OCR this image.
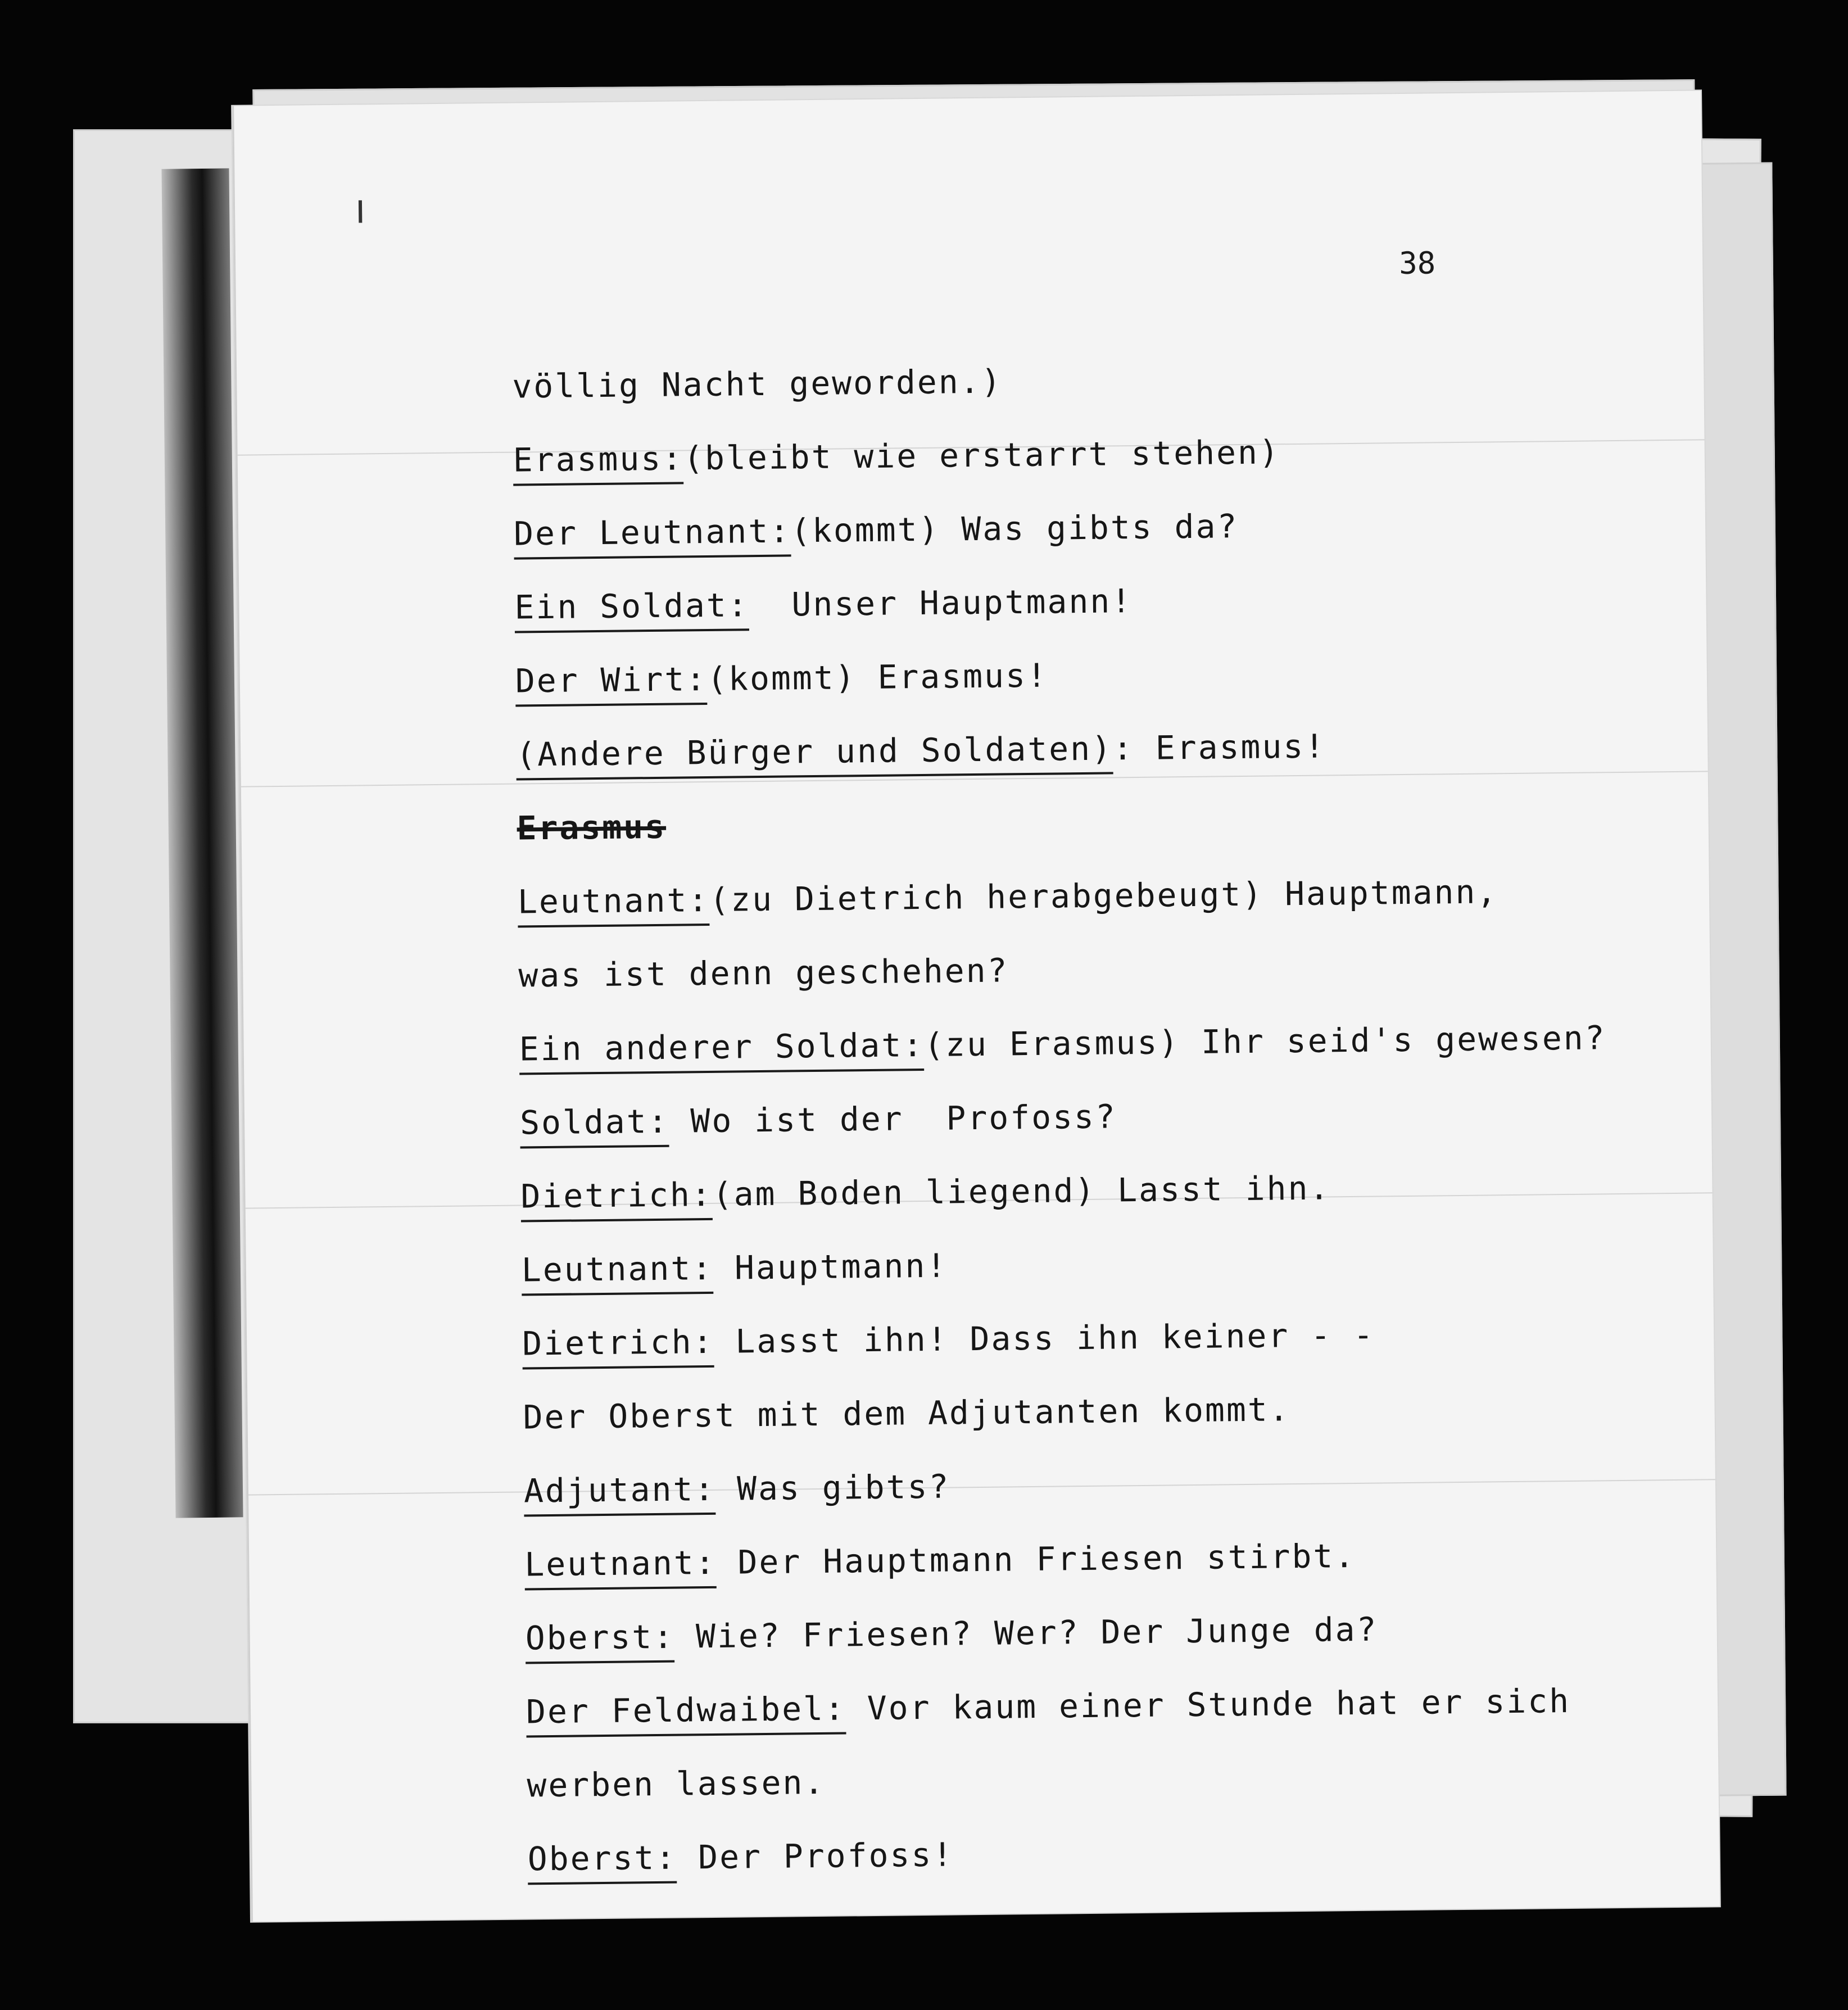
38
völlig Nacht geworden.)
Erasmus:(bleibt wie erstarrt stehen)
Der Leutnant:(kommt) Was gibts da?
Ein Soldat:  Unser Hauptmann!
Der Wirt:(kommt) Erasmus!
(Andere Bürger und Soldaten): Erasmus!
Erasmus
Leutnant:(zu Dietrich herabgebeugt) Hauptmann,
was ist denn geschehen?
Ein anderer Soldat:(zu Erasmus) Ihr seid's gewesen?
Soldat: Wo ist der  Profoss?
Dietrich:(am Boden liegend) Lasst ihn.
Leutnant: Hauptmann!
Dietrich: Lasst ihn! Dass ihn keiner - -
Der Oberst mit dem Adjutanten kommt.
Adjutant: Was gibts?
Leutnant: Der Hauptmann Friesen stirbt.
Oberst: Wie? Friesen? Wer? Der Junge da?
Der Feldwaibel: Vor kaum einer Stunde hat er sich
werben lassen.
Oberst: Der Profoss!
